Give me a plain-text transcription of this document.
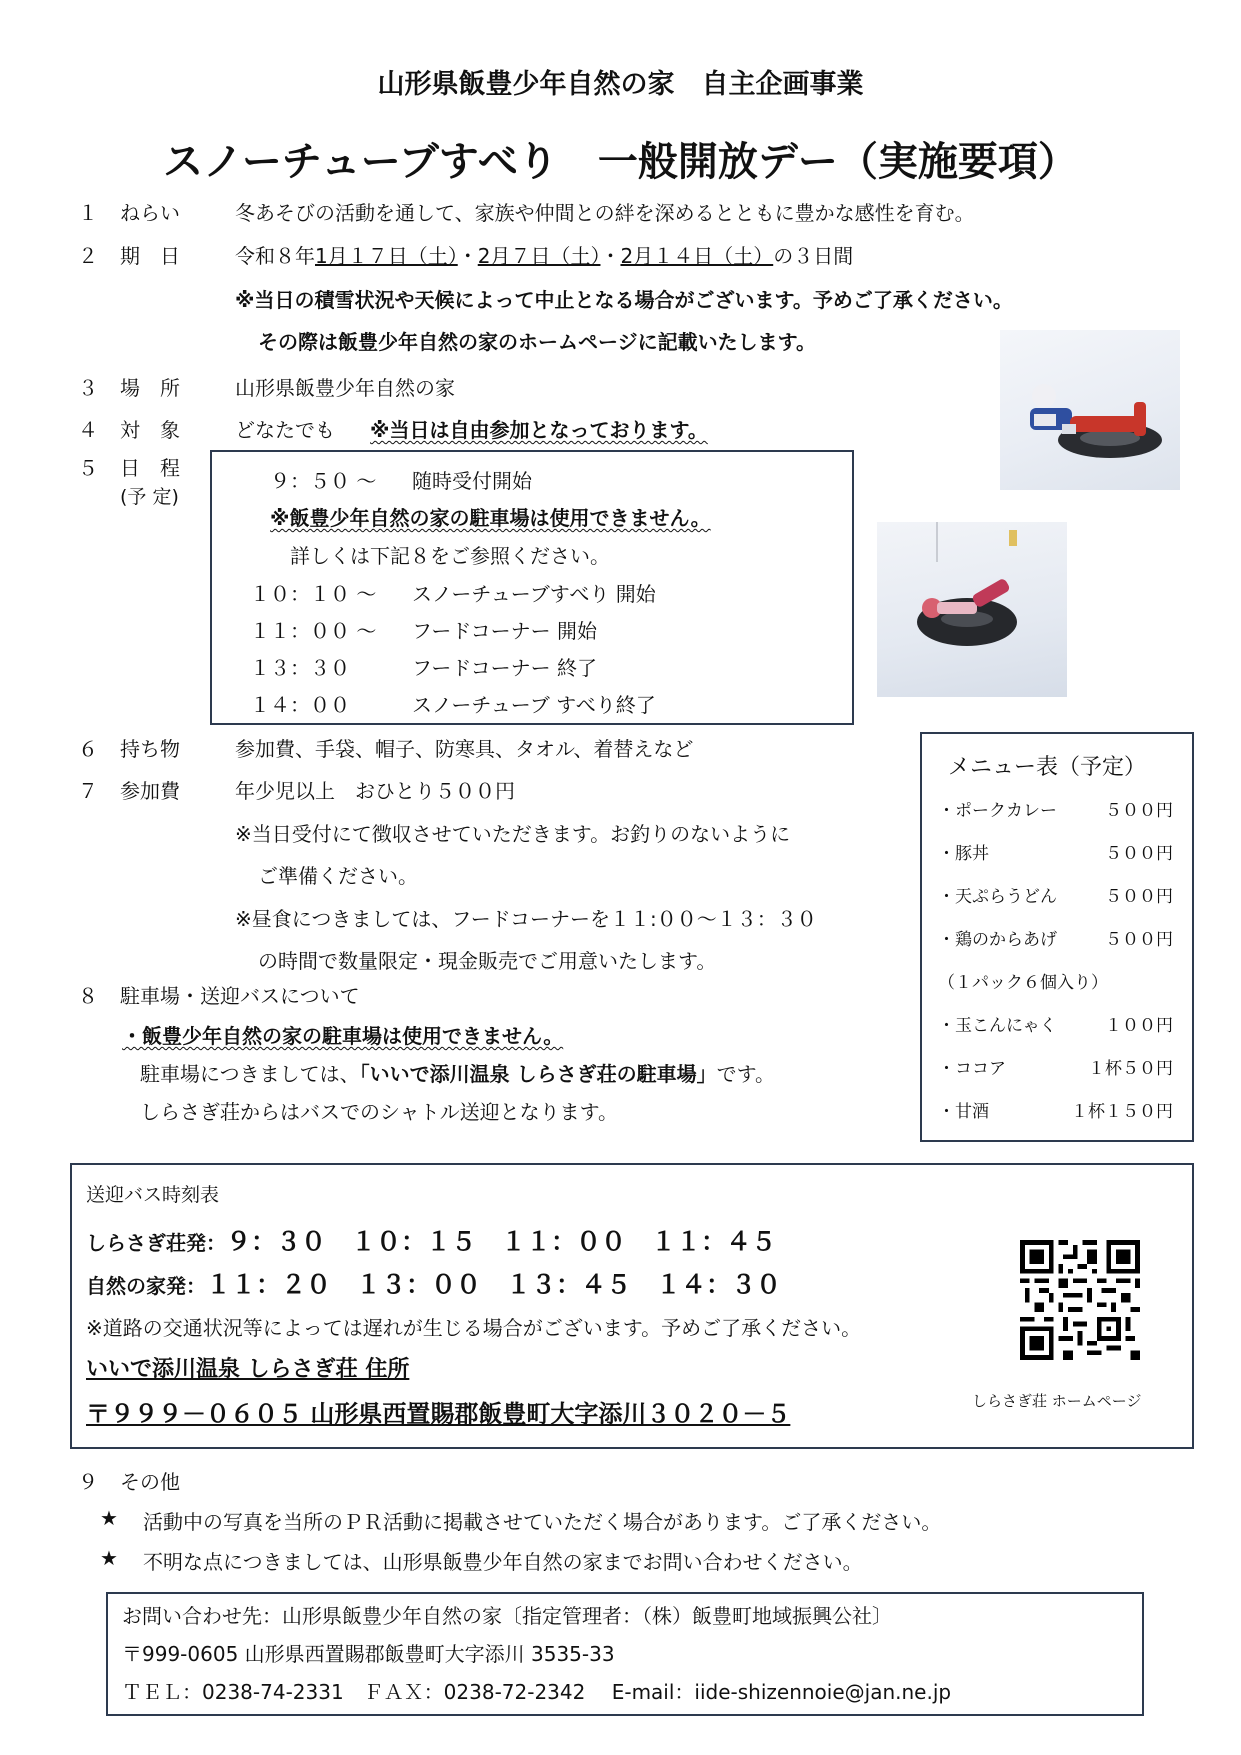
山形県飯豊少年自然の家　自主企画事業
スノーチューブすべり　一般開放デー（実施要項）
１ ねらい	冬あそびの活動を通して、家族や仲間との絆を深めるとともに豊かな感性を育む。
２ 期　日	令和８年1月１７日（土）・2月７日（土）・2月１４日（土）の３日間
※当日の積雪状況や天候によって中止となる場合がございます。予めご了承ください。
その際は飯豊少年自然の家のホームページに記載いたします。
３ 場　所	山形県飯豊少年自然の家
４ 対　象	どなたでも ※当日は自由参加となっております。
５ 日　程
(予 定)
９：５０ ～ 随時受付開始
※飯豊少年自然の家の駐車場は使用できません。
詳しくは下記８をご参照ください。
１０：１０ ～ スノーチューブすべり 開始
１１：００ ～ フードコーナー 開始
１３：３０	フードコーナー 終了
１４：００	スノーチューブ すべり終了
６ 持ち物	参加費、手袋、帽子、防寒具、タオル、着替えなど
７ 参加費	年少児以上　おひとり５００円
※当日受付にて徴収させていただきます。お釣りのないように
ご準備ください。
※昼食につきましては、フードコーナーを１１:００～１３：３０
の時間で数量限定・現金販売でご用意いたします。
メニュー表（予定）
・ポークカレー	５００円
・豚丼	５００円
・天ぷらうどん	５００円
・鶏のからあげ	５００円
（１パック６個入り）
・玉こんにゃく	１００円
・ココア	１杯５０円
・甘酒	１杯１５０円
８ 駐車場・送迎バスについて
・飯豊少年自然の家の駐車場は使用できません。
駐車場につきましては、「いいで添川温泉 しらさぎ荘の駐車場」です。
しらさぎ荘からはバスでのシャトル送迎となります。
送迎バス時刻表
しらさぎ荘発：９：３０　１０：１５　１１：００　１１：４５
自然の家発：１１：２０　１３：００　１３：４５　１４：３０
※道路の交通状況等によっては遅れが生じる場合がございます。予めご了承ください。
いいで添川温泉 しらさぎ荘 住所
〒９９９－０６０５ 山形県西置賜郡飯豊町大字添川３０２０－５	しらさぎ荘 ホームページ
９ その他
★ 活動中の写真を当所のＰＲ活動に掲載させていただく場合があります。ご了承ください。
★ 不明な点につきましては、山形県飯豊少年自然の家までお問い合わせください。
お問い合わせ先：山形県飯豊少年自然の家〔指定管理者：（株）飯豊町地域振興公社〕
〒999-0605 山形県西置賜郡飯豊町大字添川 3535-33
ＴＥＬ：0238-74-2331　ＦＡＸ：0238-72-2342　 E-mail：iide-shizennoie@jan.ne.jp
